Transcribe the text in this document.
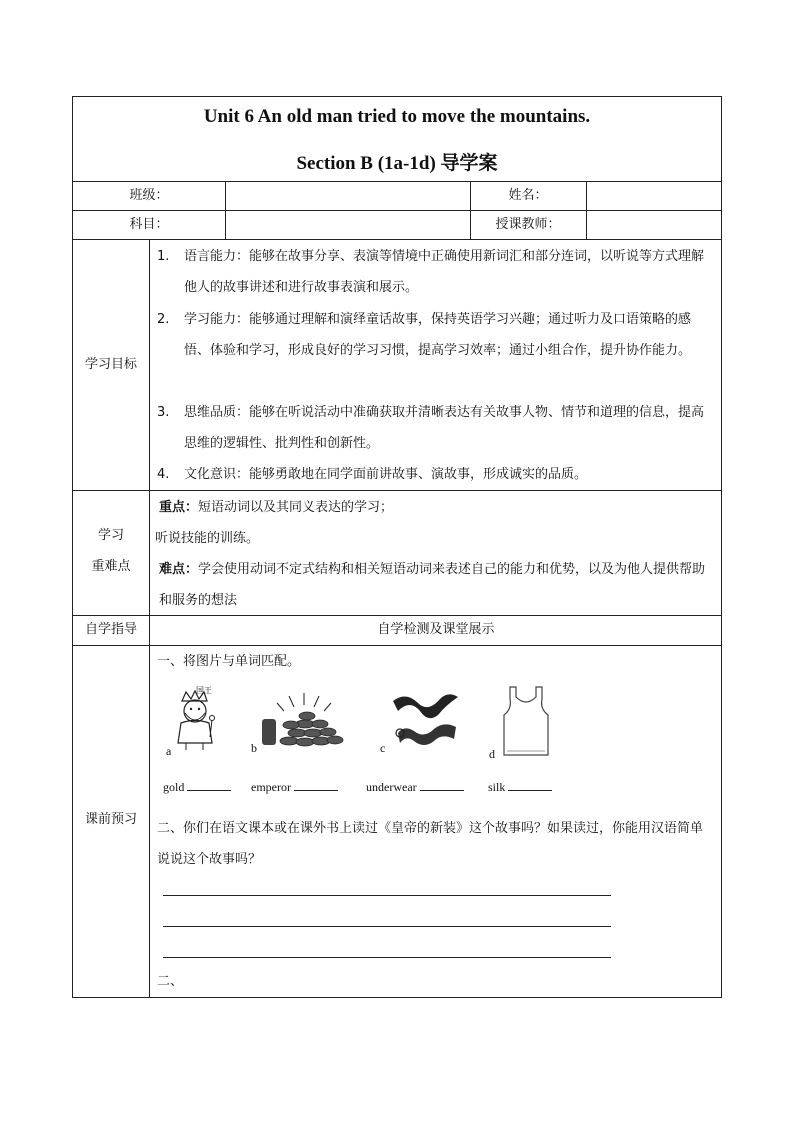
Unit 6 An old man tried to move the mountains.
Section B (1a-1d) 导学案
班级：	姓名：
科目：	授课教师：
学习目标
1.	语言能力：能够在故事分享、表演等情境中正确使用新词汇和部分连词，以听说等方式理解他人的故事讲述和进行故事表演和展示。
2.	学习能力：能够通过理解和演绎童话故事，保持英语学习兴趣；通过听力及口语策略的感悟、体验和学习，形成良好的学习习惯，提高学习效率；通过小组合作，提升协作能力。
3.	思维品质：能够在听说活动中准确获取并清晰表达有关故事人物、情节和道理的信息，提高思维的逻辑性、批判性和创新性。
4.	文化意识：能够勇敢地在同学面前讲故事、演故事，形成诚实的品质。
学习
重难点
重点：短语动词以及其同义表达的学习；
听说技能的训练。
难点：学会使用动词不定式结构和相关短语动词来表述自己的能力和优势，以及为他人提供帮助和服务的想法
自学指导	自学检测及课堂展示
课前预习
一、将图片与单词匹配。
国王
a	b	c	d
gold	emperor	underwear	silk
二、你们在语文课本或在课外书上读过《皇帝的新装》这个故事吗？如果读过，你能用汉语简单说说这个故事吗？
二、
